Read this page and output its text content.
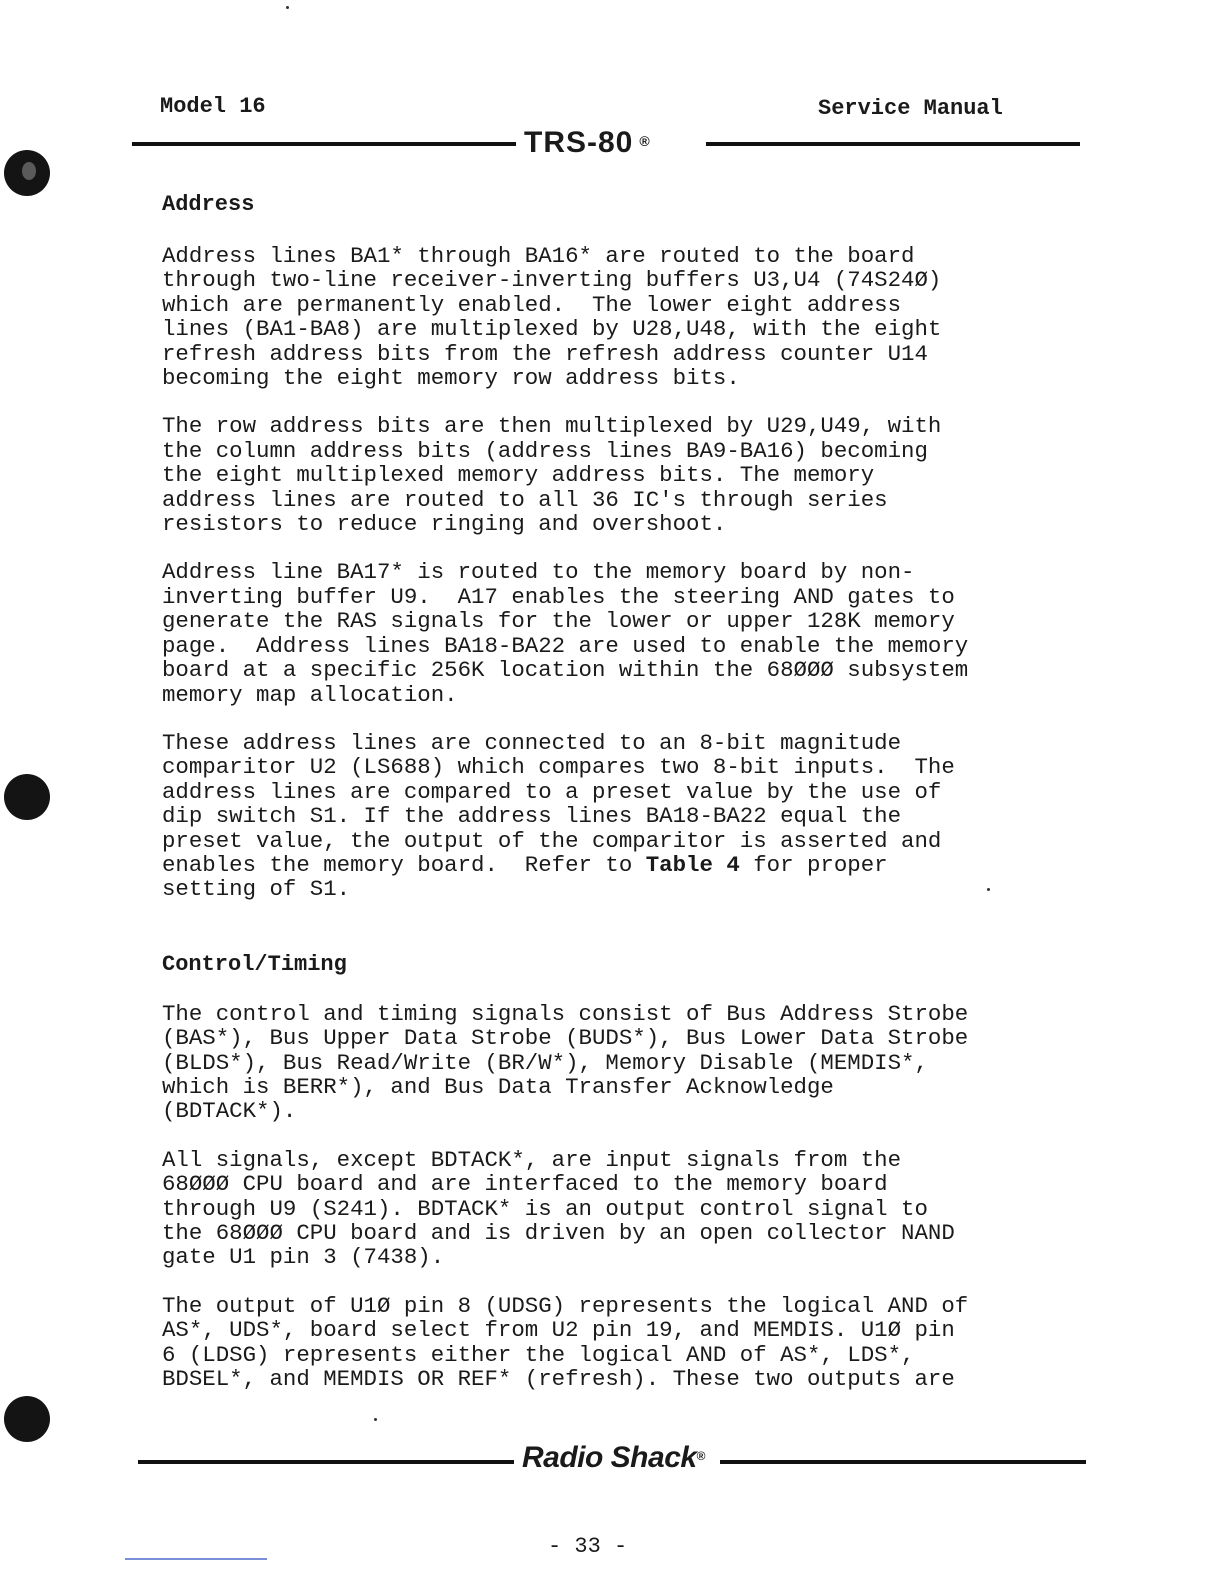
Model 16	Service Manual
TRS-80 ®
Address

Address lines BA1* through BA16* are routed to the board
through two-line receiver-inverting buffers U3,U4 (74S24Ø)
which are permanently enabled.  The lower eight address
lines (BA1-BA8) are multiplexed by U28,U48, with the eight
refresh address bits from the refresh address counter U14
becoming the eight memory row address bits.

The row address bits are then multiplexed by U29,U49, with
the column address bits (address lines BA9-BA16) becoming
the eight multiplexed memory address bits. The memory
address lines are routed to all 36 IC's through series
resistors to reduce ringing and overshoot.

Address line BA17* is routed to the memory board by non-
inverting buffer U9.  A17 enables the steering AND gates to
generate the RAS signals for the lower or upper 128K memory
page.  Address lines BA18-BA22 are used to enable the memory
board at a specific 256K location within the 68ØØØ subsystem
memory map allocation.

These address lines are connected to an 8-bit magnitude
comparitor U2 (LS688) which compares two 8-bit inputs.  The
address lines are compared to a preset value by the use of
dip switch S1. If the address lines BA18-BA22 equal the
preset value, the output of the comparitor is asserted and
enables the memory board.  Refer to Table 4 for proper
setting of S1.

Control/Timing

The control and timing signals consist of Bus Address Strobe
(BAS*), Bus Upper Data Strobe (BUDS*), Bus Lower Data Strobe
(BLDS*), Bus Read/Write (BR/W*), Memory Disable (MEMDIS*,
which is BERR*), and Bus Data Transfer Acknowledge
(BDTACK*).

All signals, except BDTACK*, are input signals from the
68ØØØ CPU board and are interfaced to the memory board
through U9 (S241). BDTACK* is an output control signal to
the 68ØØØ CPU board and is driven by an open collector NAND
gate U1 pin 3 (7438).

The output of U1Ø pin 8 (UDSG) represents the logical AND of
AS*, UDS*, board select from U2 pin 19, and MEMDIS. U1Ø pin
6 (LDSG) represents either the logical AND of AS*, LDS*,
BDSEL*, and MEMDIS OR REF* (refresh). These two outputs are

Radio Shack®
- 33 -
